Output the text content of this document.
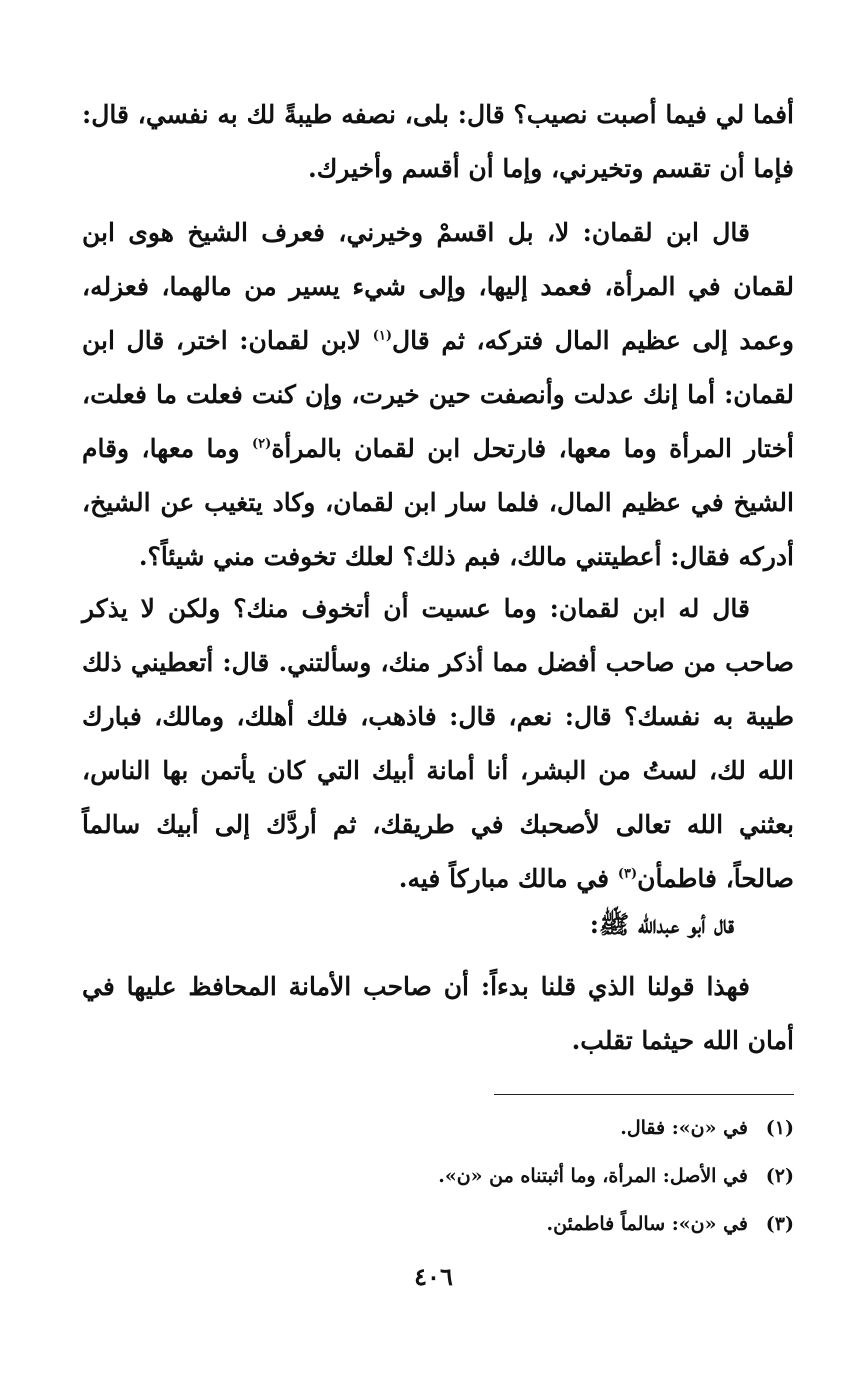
أفما لي فيما أصبت نصيب؟ قال: بلى، نصفه طيبةً لك به نفسي، قال: فإما أن تقسم وتخيرني، وإما أن أقسم وأخيرك.

قال ابن لقمان: لا، بل اقسمْ وخيرني، فعرف الشيخ هوى ابن لقمان في المرأة، فعمد إليها، وإلى شيء يسير من مالهما، فعزله، وعمد إلى عظيم المال فتركه، ثم قال$^{(١)}$ لابن لقمان: اختر، قال ابن لقمان: أما إنك عدلت وأنصفت حين خيرت، وإن كنت فعلت ما فعلت، أختار المرأة وما معها، فارتحل ابن لقمان بالمرأة$^{(٢)}$ وما معها، وقام الشيخ في عظيم المال، فلما سار ابن لقمان، وكاد يتغيب عن الشيخ، أدركه فقال: أعطيتني مالك، فبم ذلك؟ لعلك تخوفت مني شيئاً؟.

قال له ابن لقمان: وما عسيت أن أتخوف منك؟ ولكن لا يذكر صاحب من صاحب أفضل مما أذكر منك، وسألتني. قال: أتعطيني ذلك طيبة به نفسك؟ قال: نعم، قال: فاذهب، فلك أهلك، ومالك، فبارك الله لك، لستُ من البشر، أنا أمانة أبيك التي كان يأتمن بها الناس، بعثني الله تعالى لأصحبك في طريقك، ثم أردَّك إلى أبيك سالماً صالحاً، فاطمأن$^{(٣)}$ في مالك مباركاً فيه.

قال أبو عبدالله ﷺ:

فهذا قولنا الذي قلنا بدءاً: أن صاحب الأمانة المحافظ عليها في أمان الله حيثما تقلب.

(١)
في «ن»: فقال.
(٢)
في الأصل: المرأة، وما أثبتناه من «ن».
(٣)
في «ن»: سالماً فاطمئن.
٤٠٦
